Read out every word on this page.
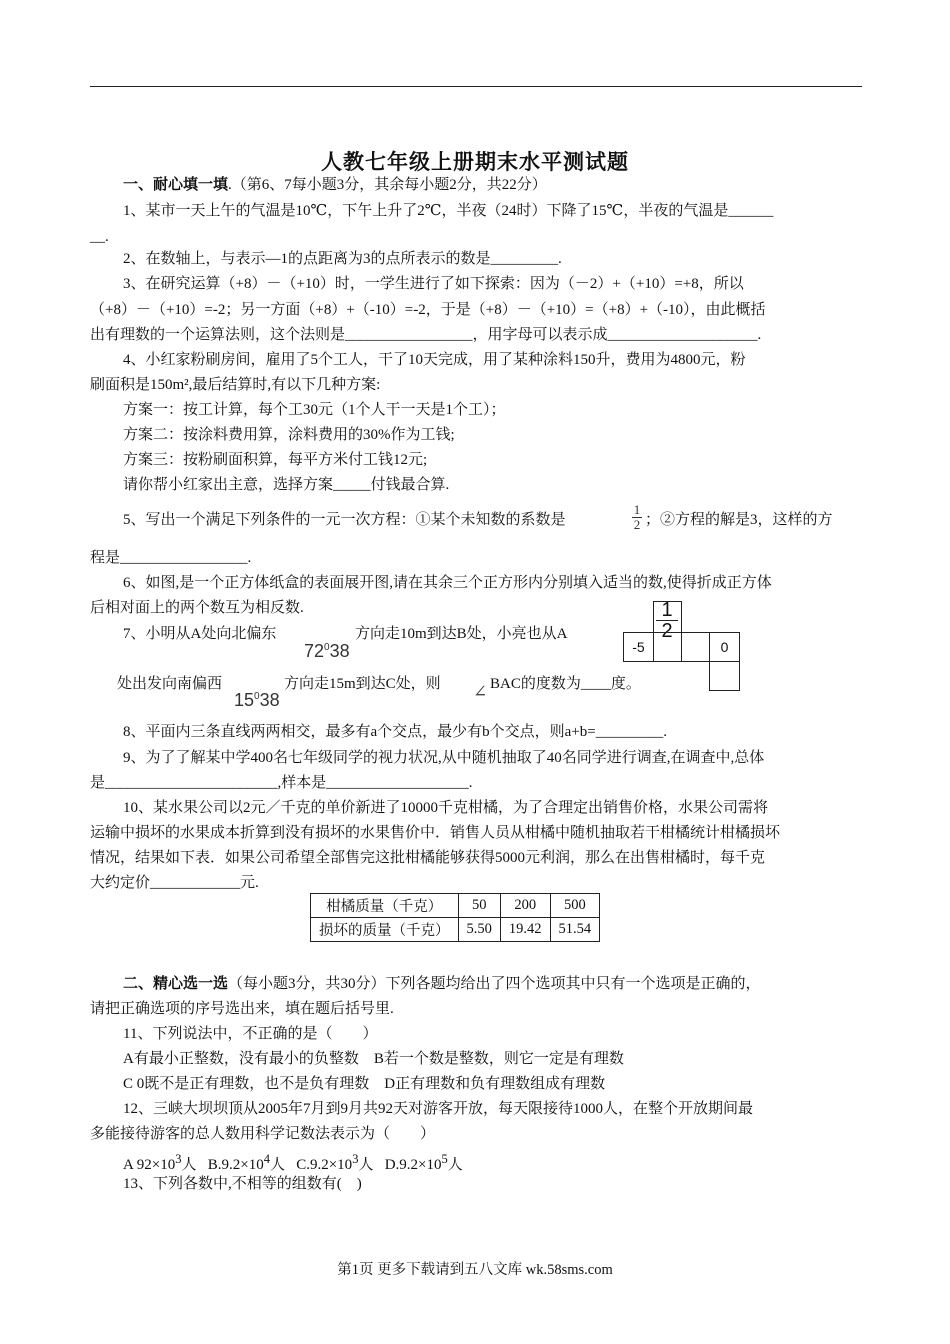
人教七年级上册期末水平测试题
一、耐心填一填.（第6、7每小题3分，其余每小题2分，共22分）
1、某市一天上午的气温是10℃，下午上升了2℃，半夜（24时）下降了15℃，半夜的气温是______
__.
2、在数轴上，与表示—1的点距离为3的点所表示的数是_________.
3、在研究运算（+8）－（+10）时，一学生进行了如下探索：因为（－2）+（+10）=+8，所以
（+8）－（+10）=-2；另一方面（+8）+（-10）=-2，于是（+8）－（+10）=（+8）+（-10），由此概括
出有理数的一个运算法则，这个法则是_________________，用字母可以表示成____________________.
4、小红家粉刷房间，雇用了5个工人，干了10天完成，用了某种涂料150升，费用为4800元，粉
刷面积是150m²,最后结算时,有以下几种方案:
方案一：按工计算，每个工30元（1个人干一天是1个工）；
方案二：按涂料费用算，涂料费用的30%作为工钱;
方案三：按粉刷面积算，每平方米付工钱12元;
请你帮小红家出主意，选择方案_____付钱最合算.
5、写出一个满足下列条件的一元一次方程：①某个未知数的系数是	$\frac{1}{2}$ ；②方程的解是3，这样的方
程是_________________.
6、如图,是一个正方体纸盒的表面展开图,请在其余三个正方形内分别填入适当的数,使得折成正方体
后相对面上的两个数互为相反数.	$\frac{1}{2}$
-5	0
7、小明从A处向北偏东
$72^038$
方向走10m到达B处，小亮也从A
处出发向南偏西
$15^038$
方向走15m到达C处，则 ∠ BAC的度数为____度。
8、平面内三条直线两两相交，最多有a个交点，最少有b个交点，则a+b=_________.
9、为了了解某中学400名七年级同学的视力状况,从中随机抽取了40名同学进行调查,在调查中,总体
是_______________________,样本是___________________.
10、某水果公司以2元／千克的单价新进了10000千克柑橘，为了合理定出销售价格，水果公司需将
运输中损坏的水果成本折算到没有损坏的水果售价中．销售人员从柑橘中随机抽取若干柑橘统计柑橘损坏
情况，结果如下表．如果公司希望全部售完这批柑橘能够获得5000元利润，那么在出售柑橘时，每千克
大约定价____________元.
柑橘质量（千克）	50	200	500
损坏的质量（千克）	5.50	19.42	51.54
二、精心选一选（每小题3分，共30分）下列各题均给出了四个选项其中只有一个选项是正确的，
请把正确选项的序号选出来，填在题后括号里.
11、下列说法中，不正确的是（　　）
A有最小正整数，没有最小的负整数　B若一个数是整数，则它一定是有理数
C 0既不是正有理数，也不是负有理数　D正有理数和负有理数组成有理数
12、三峡大坝坝顶从2005年7月到9月共92天对游客开放，每天限接待1000人，在整个开放期间最
多能接待游客的总人数用科学记数法表示为（　　）
A $92\times 10^3$人 $B.9.2\times 10^4$人 $C.9.2\times 10^3$人 $D.9.2\times 10^5$人
13、下列各数中,不相等的组数有(　)
第1页 更多下载请到五八文库 wk.58sms.com
